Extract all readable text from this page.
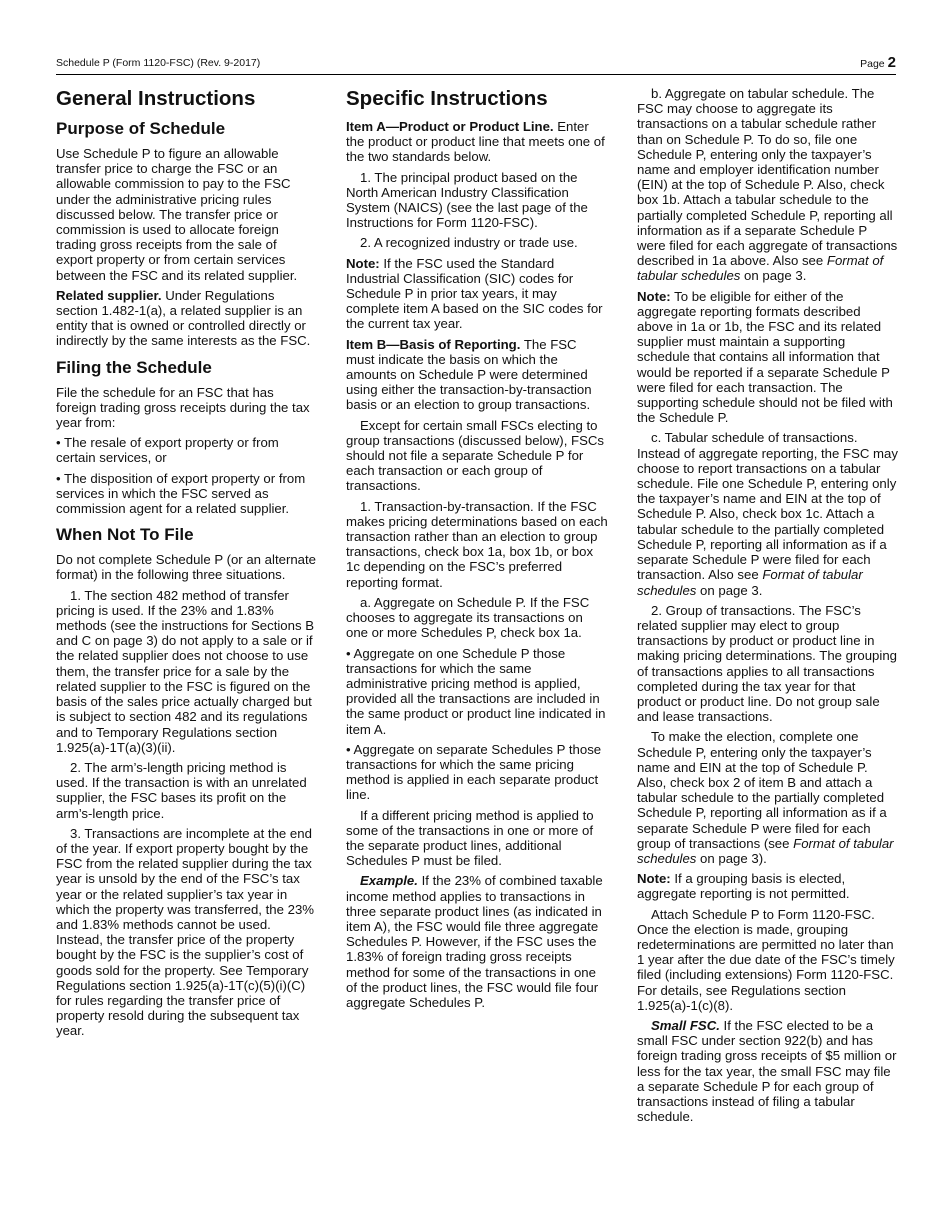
Schedule P (Form 1120-FSC) (Rev. 9-2017)	Page 2
General Instructions
Purpose of Schedule

Use Schedule P to figure an allowable transfer price to charge the FSC or an allowable commission to pay to the FSC under the administrative pricing rules discussed below. The transfer price or commission is used to allocate foreign trading gross receipts from the sale of export property or from certain services between the FSC and its related supplier.

Related supplier. Under Regulations section 1.482-1(a), a related supplier is an entity that is owned or controlled directly or indirectly by the same interests as the FSC.

Filing the Schedule

File the schedule for an FSC that has foreign trading gross receipts during the tax year from:

• The resale of export property or from certain services, or

• The disposition of export property or from services in which the FSC served as commission agent for a related supplier.

When Not To File

Do not complete Schedule P (or an alternate format) in the following three situations.

1. The section 482 method of transfer pricing is used. If the 23% and 1.83% methods (see the instructions for Sections B and C on page 3) do not apply to a sale or if the related supplier does not choose to use them, the transfer price for a sale by the related supplier to the FSC is figured on the basis of the sales price actually charged but is subject to section 482 and its regulations and to Temporary Regulations section 1.925(a)-1T(a)(3)(ii).

2. The arm’s-length pricing method is used. If the transaction is with an unrelated supplier, the FSC bases its profit on the arm’s-length price.

3. Transactions are incomplete at the end of the year. If export property bought by the FSC from the related supplier during the tax year is unsold by the end of the FSC’s tax year or the related supplier’s tax year in which the property was transferred, the 23% and 1.83% methods cannot be used. Instead, the transfer price of the property bought by the FSC is the supplier’s cost of goods sold for the property. See Temporary Regulations section 1.925(a)-1T(c)(5)(i)(C) for rules regarding the transfer price of property resold during the subsequent tax year.

Specific Instructions

Item A—Product or Product Line. Enter the product or product line that meets one of the two standards below.

1. The principal product based on the North American Industry Classification System (NAICS) (see the last page of the Instructions for Form 1120-FSC).

2. A recognized industry or trade use.

Note: If the FSC used the Standard Industrial Classification (SIC) codes for Schedule P in prior tax years, it may complete item A based on the SIC codes for the current tax year.

Item B—Basis of Reporting. The FSC must indicate the basis on which the amounts on Schedule P were determined using either the transaction-by-transaction basis or an election to group transactions.

Except for certain small FSCs electing to group transactions (discussed below), FSCs should not file a separate Schedule P for each transaction or each group of transactions.

1. Transaction-by-transaction. If the FSC makes pricing determinations based on each transaction rather than an election to group transactions, check box 1a, box 1b, or box 1c depending on the FSC’s preferred reporting format.

a. Aggregate on Schedule P. If the FSC chooses to aggregate its transactions on one or more Schedules P, check box 1a.

• Aggregate on one Schedule P those transactions for which the same administrative pricing method is applied, provided all the transactions are included in the same product or product line indicated in item A.

• Aggregate on separate Schedules P those transactions for which the same pricing method is applied in each separate product line.

If a different pricing method is applied to some of the transactions in one or more of the separate product lines, additional Schedules P must be filed.

Example. If the 23% of combined taxable income method applies to transactions in three separate product lines (as indicated in item A), the FSC would file three aggregate Schedules P. However, if the FSC uses the 1.83% of foreign trading gross receipts method for some of the transactions in one of the product lines, the FSC would file four aggregate Schedules P.

b. Aggregate on tabular schedule. The FSC may choose to aggregate its transactions on a tabular schedule rather than on Schedule P. To do so, file one Schedule P, entering only the taxpayer’s name and employer identification number (EIN) at the top of Schedule P. Also, check box 1b. Attach a tabular schedule to the partially completed Schedule P, reporting all information as if a separate Schedule P were filed for each aggregate of transactions described in 1a above. Also see Format of tabular schedules on page 3.

Note: To be eligible for either of the aggregate reporting formats described above in 1a or 1b, the FSC and its related supplier must maintain a supporting schedule that contains all information that would be reported if a separate Schedule P were filed for each transaction. The supporting schedule should not be filed with the Schedule P.

c. Tabular schedule of transactions. Instead of aggregate reporting, the FSC may choose to report transactions on a tabular schedule. File one Schedule P, entering only the taxpayer’s name and EIN at the top of Schedule P. Also, check box 1c. Attach a tabular schedule to the partially completed Schedule P, reporting all information as if a separate Schedule P were filed for each transaction. Also see Format of tabular schedules on page 3.

2. Group of transactions. The FSC’s related supplier may elect to group transactions by product or product line in making pricing determinations. The grouping of transactions applies to all transactions completed during the tax year for that product or product line. Do not group sale and lease transactions.

To make the election, complete one Schedule P, entering only the taxpayer’s name and EIN at the top of Schedule P. Also, check box 2 of item B and attach a tabular schedule to the partially completed Schedule P, reporting all information as if a separate Schedule P were filed for each group of transactions (see Format of tabular schedules on page 3).

Note: If a grouping basis is elected, aggregate reporting is not permitted.

Attach Schedule P to Form 1120-FSC. Once the election is made, grouping redeterminations are permitted no later than 1 year after the due date of the FSC’s timely filed (including extensions) Form 1120-FSC. For details, see Regulations section 1.925(a)-1(c)(8).

Small FSC. If the FSC elected to be a small FSC under section 922(b) and has foreign trading gross receipts of $5 million or less for the tax year, the small FSC may file a separate Schedule P for each group of transactions instead of filing a tabular schedule.
